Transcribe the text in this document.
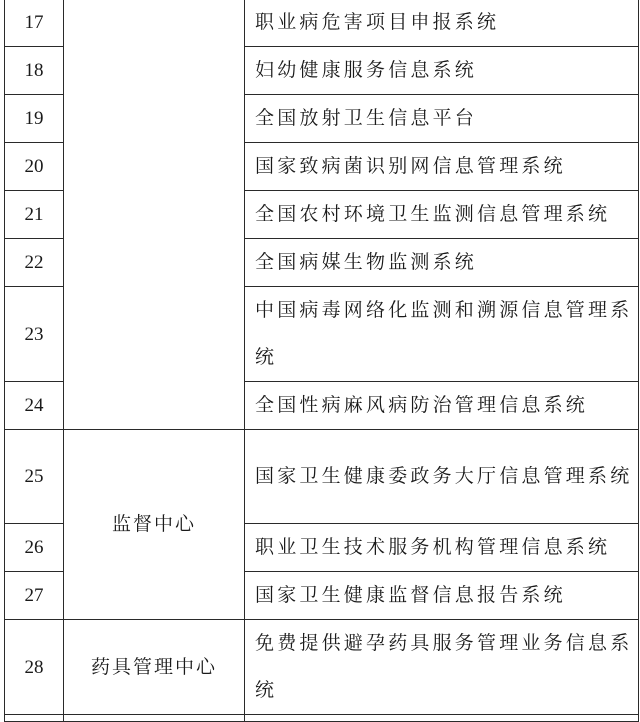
17		职业病危害项目申报系统
18		妇幼健康服务信息系统
19		全国放射卫生信息平台
20		国家致病菌识别网信息管理系统
21		全国农村环境卫生监测信息管理系统
22		全国病媒生物监测系统
23		中国病毒网络化监测和溯源信息管理系统
24		全国性病麻风病防治管理信息系统
25	监督中心	国家卫生健康委政务大厅信息管理系统
26		职业卫生技术服务机构管理信息系统
27		国家卫生健康监督信息报告系统
28	药具管理中心	免费提供避孕药具服务管理业务信息系统
